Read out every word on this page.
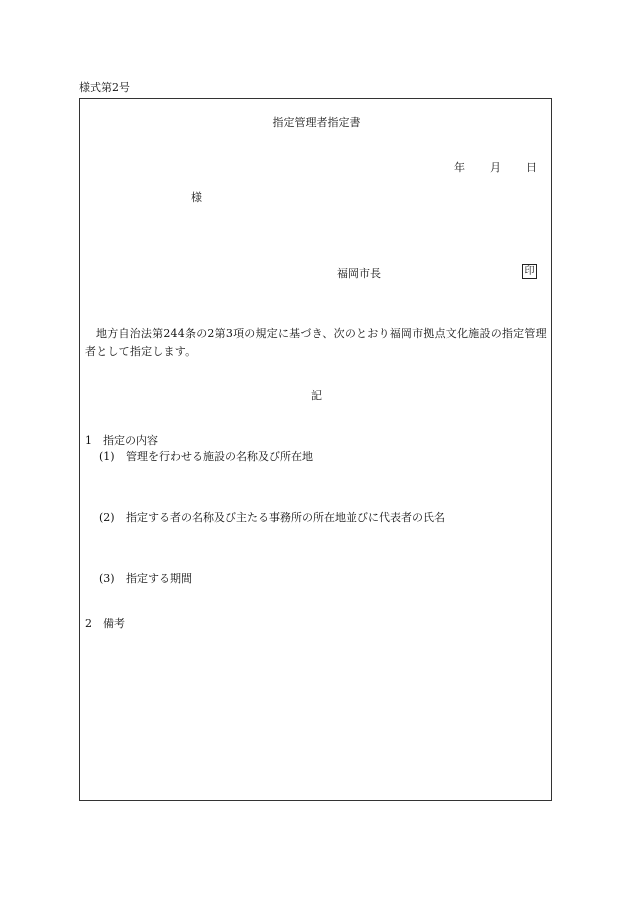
様式第2号
指定管理者指定書
年 月 日
様
福岡市長	印

地方自治法第244条の2第3項の規定に基づき、次のとおり福岡市拠点文化施設の指定管理者として指定します。

記
1 指定の内容
(1) 管理を行わせる施設の名称及び所在地
(2) 指定する者の名称及び主たる事務所の所在地並びに代表者の氏名
(3) 指定する期間
2 備考
